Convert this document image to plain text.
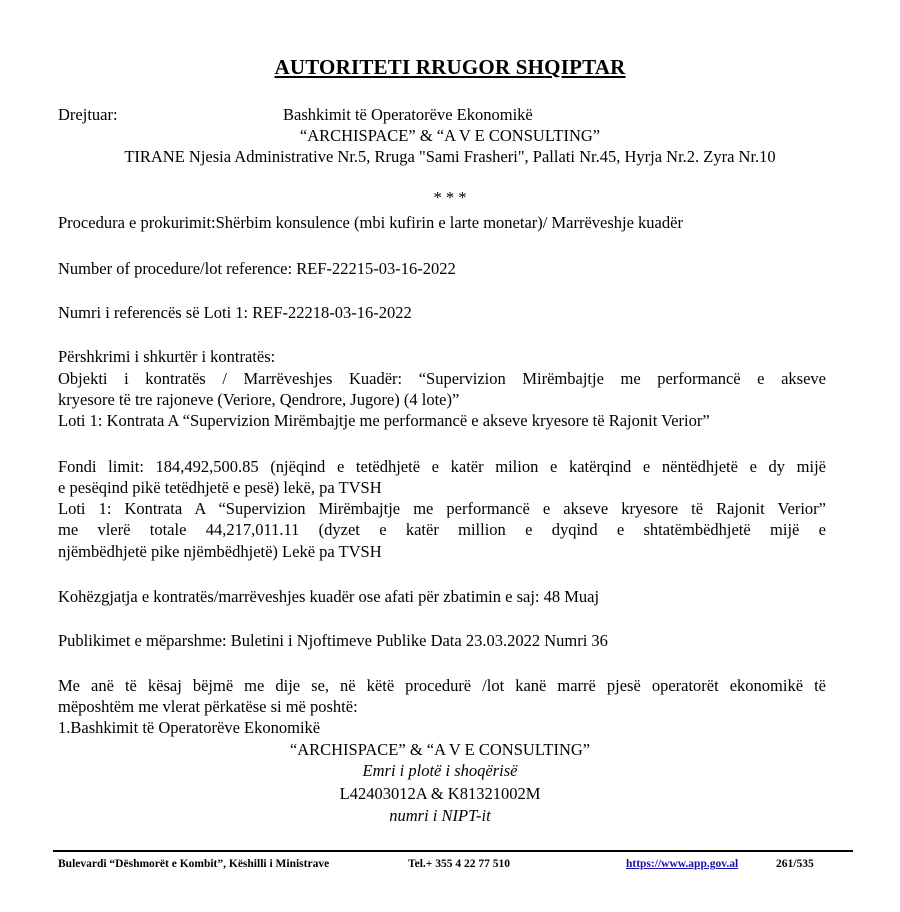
AUTORITETI RRUGOR SHQIPTAR
Drejtuar:	Bashkimit të Operatorëve Ekonomikë
“ARCHISPACE” & “A V E CONSULTING”
TIRANE Njesia Administrative Nr.5, Rruga "Sami Frasheri", Pallati Nr.45, Hyrja Nr.2. Zyra Nr.10
* * *
Procedura e prokurimit:Shërbim konsulence (mbi kufirin e larte monetar)/ Marrëveshje kuadër
Number of procedure/lot reference: REF-22215-03-16-2022
Numri i referencës së Loti 1: REF-22218-03-16-2022
Përshkrimi i shkurtër i kontratës:
Objekti i kontratës / Marrëveshjes Kuadër: “Supervizion Mirëmbajtje me performancë e akseve
kryesore të tre rajoneve (Veriore, Qendrore, Jugore) (4 lote)”
Loti 1: Kontrata A “Supervizion Mirëmbajtje me performancë e akseve kryesore të Rajonit Verior”
Fondi limit: 184,492,500.85 (njëqind e tetëdhjetë e katër milion e katërqind e nëntëdhjetë e dy mijë
e pesëqind pikë tetëdhjetë e pesë) lekë, pa TVSH
Loti 1: Kontrata A “Supervizion Mirëmbajtje me performancë e akseve kryesore të Rajonit Verior”
me vlerë totale 44,217,011.11 (dyzet e katër million e dyqind e shtatëmbëdhjetë mijë e
njëmbëdhjetë pike njëmbëdhjetë) Lekë pa TVSH
Kohëzgjatja e kontratës/marrëveshjes kuadër ose afati për zbatimin e saj: 48 Muaj
Publikimet e mëparshme: Buletini i Njoftimeve Publike Data 23.03.2022 Numri 36
Me anë të kësaj bëjmë me dije se, në këtë procedurë /lot kanë marrë pjesë operatorët ekonomikë të
mëposhtëm me vlerat përkatëse si më poshtë:
1.Bashkimit të Operatorëve Ekonomikë
“ARCHISPACE” & “A V E CONSULTING”
Emri i plotë i shoqërisë
L42403012A & K81321002M
numri i NIPT-it
Bulevardi “Dëshmorët e Kombit”, Këshilli i Ministrave	Tel.+ 355 4 22 77 510	https://www.app.gov.al	261/535
